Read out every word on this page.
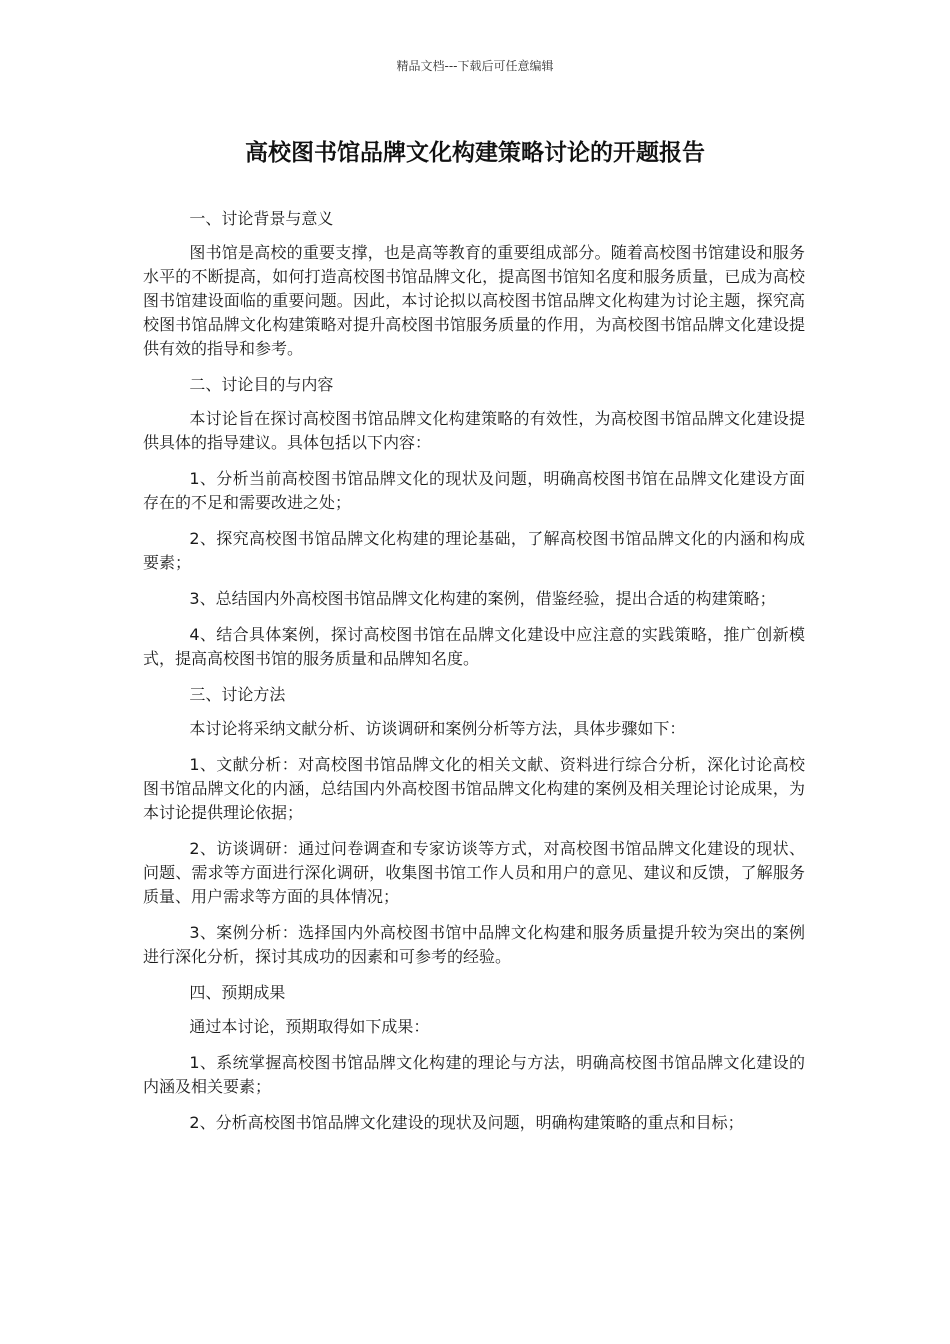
精品文档---下载后可任意编辑
高校图书馆品牌文化构建策略讨论的开题报告

一、讨论背景与意义

图书馆是高校的重要支撑，也是高等教育的重要组成部分。随着高校图书馆建设和服务水平的不断提高，如何打造高校图书馆品牌文化，提高图书馆知名度和服务质量，已成为高校图书馆建设面临的重要问题。因此，本讨论拟以高校图书馆品牌文化构建为讨论主题，探究高校图书馆品牌文化构建策略对提升高校图书馆服务质量的作用，为高校图书馆品牌文化建设提供有效的指导和参考。

二、讨论目的与内容

本讨论旨在探讨高校图书馆品牌文化构建策略的有效性，为高校图书馆品牌文化建设提供具体的指导建议。具体包括以下内容：

1、分析当前高校图书馆品牌文化的现状及问题，明确高校图书馆在品牌文化建设方面存在的不足和需要改进之处；

2、探究高校图书馆品牌文化构建的理论基础，了解高校图书馆品牌文化的内涵和构成要素；

3、总结国内外高校图书馆品牌文化构建的案例，借鉴经验，提出合适的构建策略；

4、结合具体案例，探讨高校图书馆在品牌文化建设中应注意的实践策略，推广创新模式，提高高校图书馆的服务质量和品牌知名度。

三、讨论方法

本讨论将采纳文献分析、访谈调研和案例分析等方法，具体步骤如下：

1、文献分析：对高校图书馆品牌文化的相关文献、资料进行综合分析，深化讨论高校图书馆品牌文化的内涵，总结国内外高校图书馆品牌文化构建的案例及相关理论讨论成果，为本讨论提供理论依据；

2、访谈调研：通过问卷调查和专家访谈等方式，对高校图书馆品牌文化建设的现状、问题、需求等方面进行深化调研，收集图书馆工作人员和用户的意见、建议和反馈，了解服务质量、用户需求等方面的具体情况；

3、案例分析：选择国内外高校图书馆中品牌文化构建和服务质量提升较为突出的案例进行深化分析，探讨其成功的因素和可参考的经验。

四、预期成果

通过本讨论，预期取得如下成果：

1、系统掌握高校图书馆品牌文化构建的理论与方法，明确高校图书馆品牌文化建设的内涵及相关要素；

2、分析高校图书馆品牌文化建设的现状及问题，明确构建策略的重点和目标；
